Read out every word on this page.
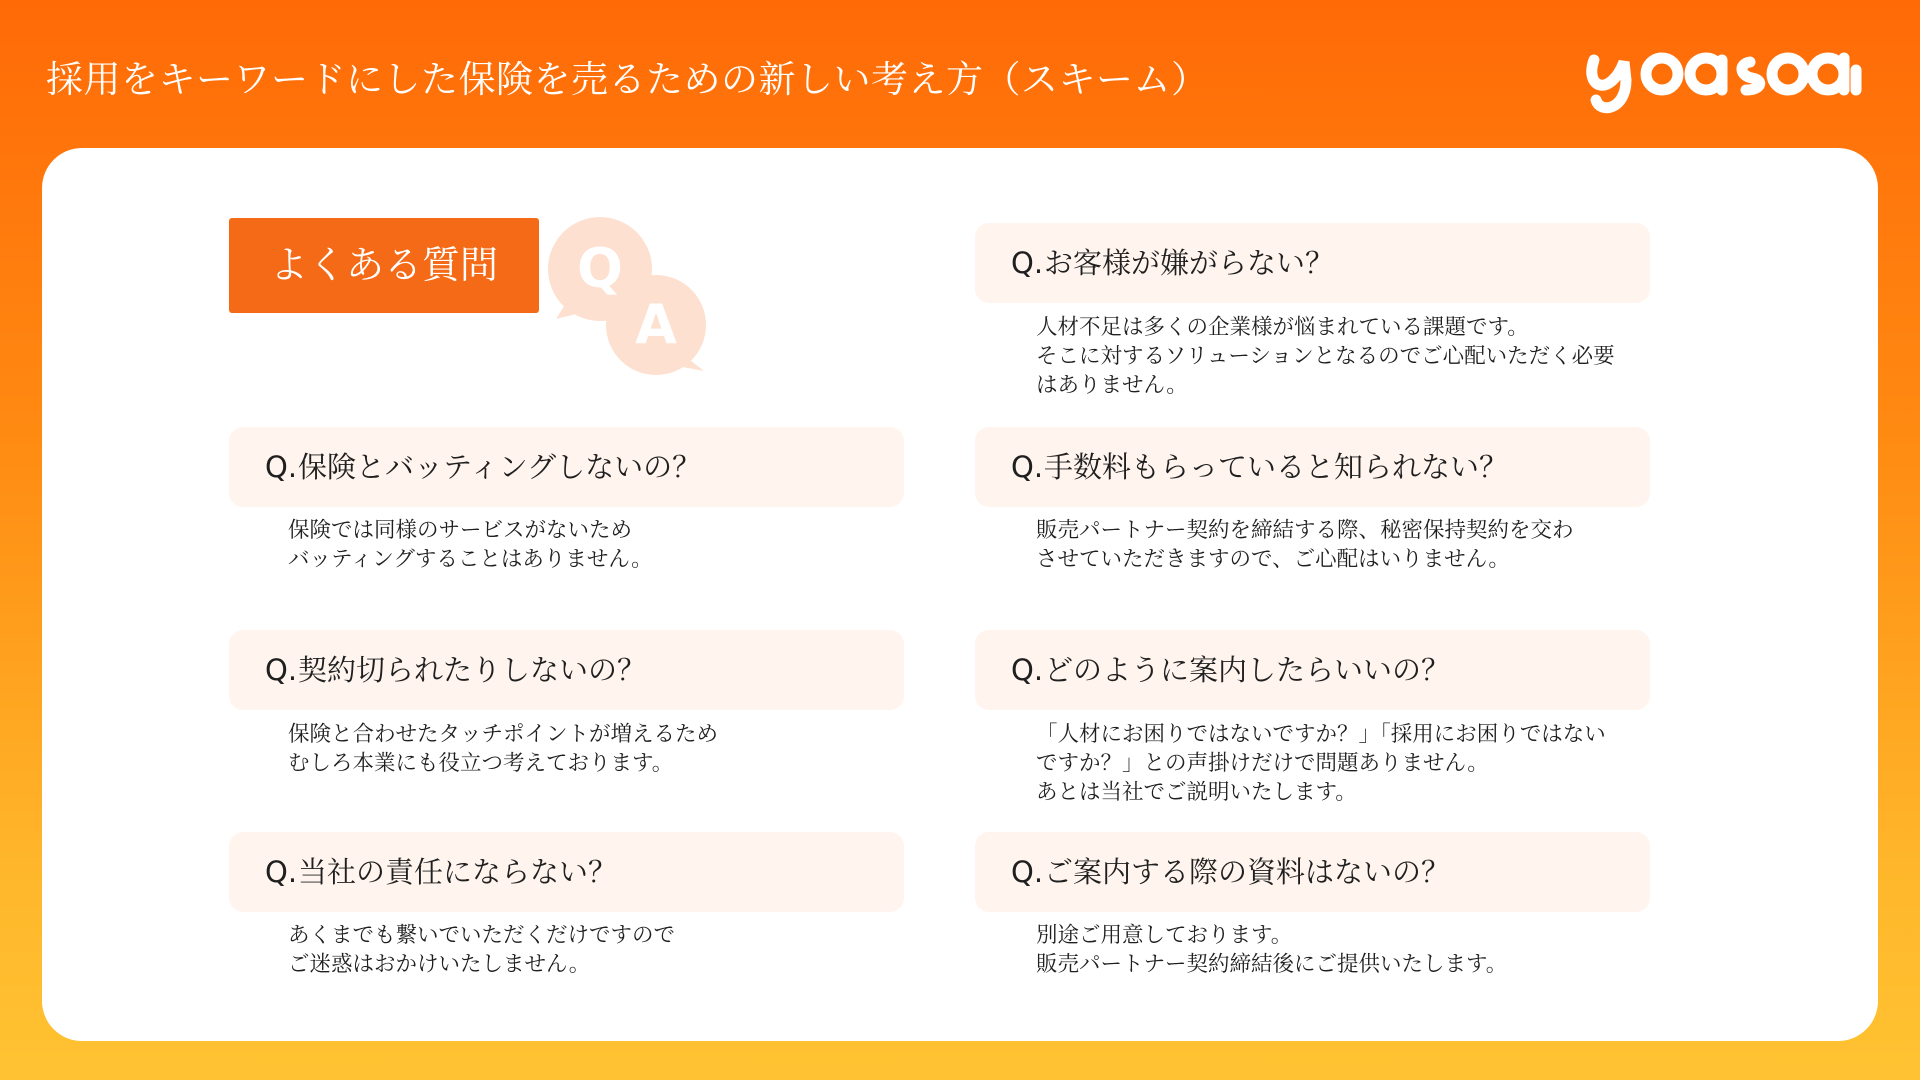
採用をキーワードにした保険を売るための新しい考え方（スキーム）
yoasobi
よくある質問	Q
A
Q.お客様が嫌がらない？
人材不足は多くの企業様が悩まれている課題です。
そこに対するソリューションとなるのでご心配いただく必要
はありません。
Q.保険とバッティングしないの？
保険では同様のサービスがないため
バッティングすることはありません。
Q.手数料もらっていると知られない？
販売パートナー契約を締結する際、秘密保持契約を交わ
させていただきますので、ご心配はいりません。
Q.契約切られたりしないの？
保険と合わせたタッチポイントが増えるため
むしろ本業にも役立つ考えております。
Q.どのように案内したらいいの？
「人材にお困りではないですか？」「採用にお困りではない
ですか？」との声掛けだけで問題ありません。
あとは当社でご説明いたします。
Q.当社の責任にならない？
あくまでも繋いでいただくだけですので
ご迷惑はおかけいたしません。
Q.ご案内する際の資料はないの？
別途ご用意しております。
販売パートナー契約締結後にご提供いたします。
